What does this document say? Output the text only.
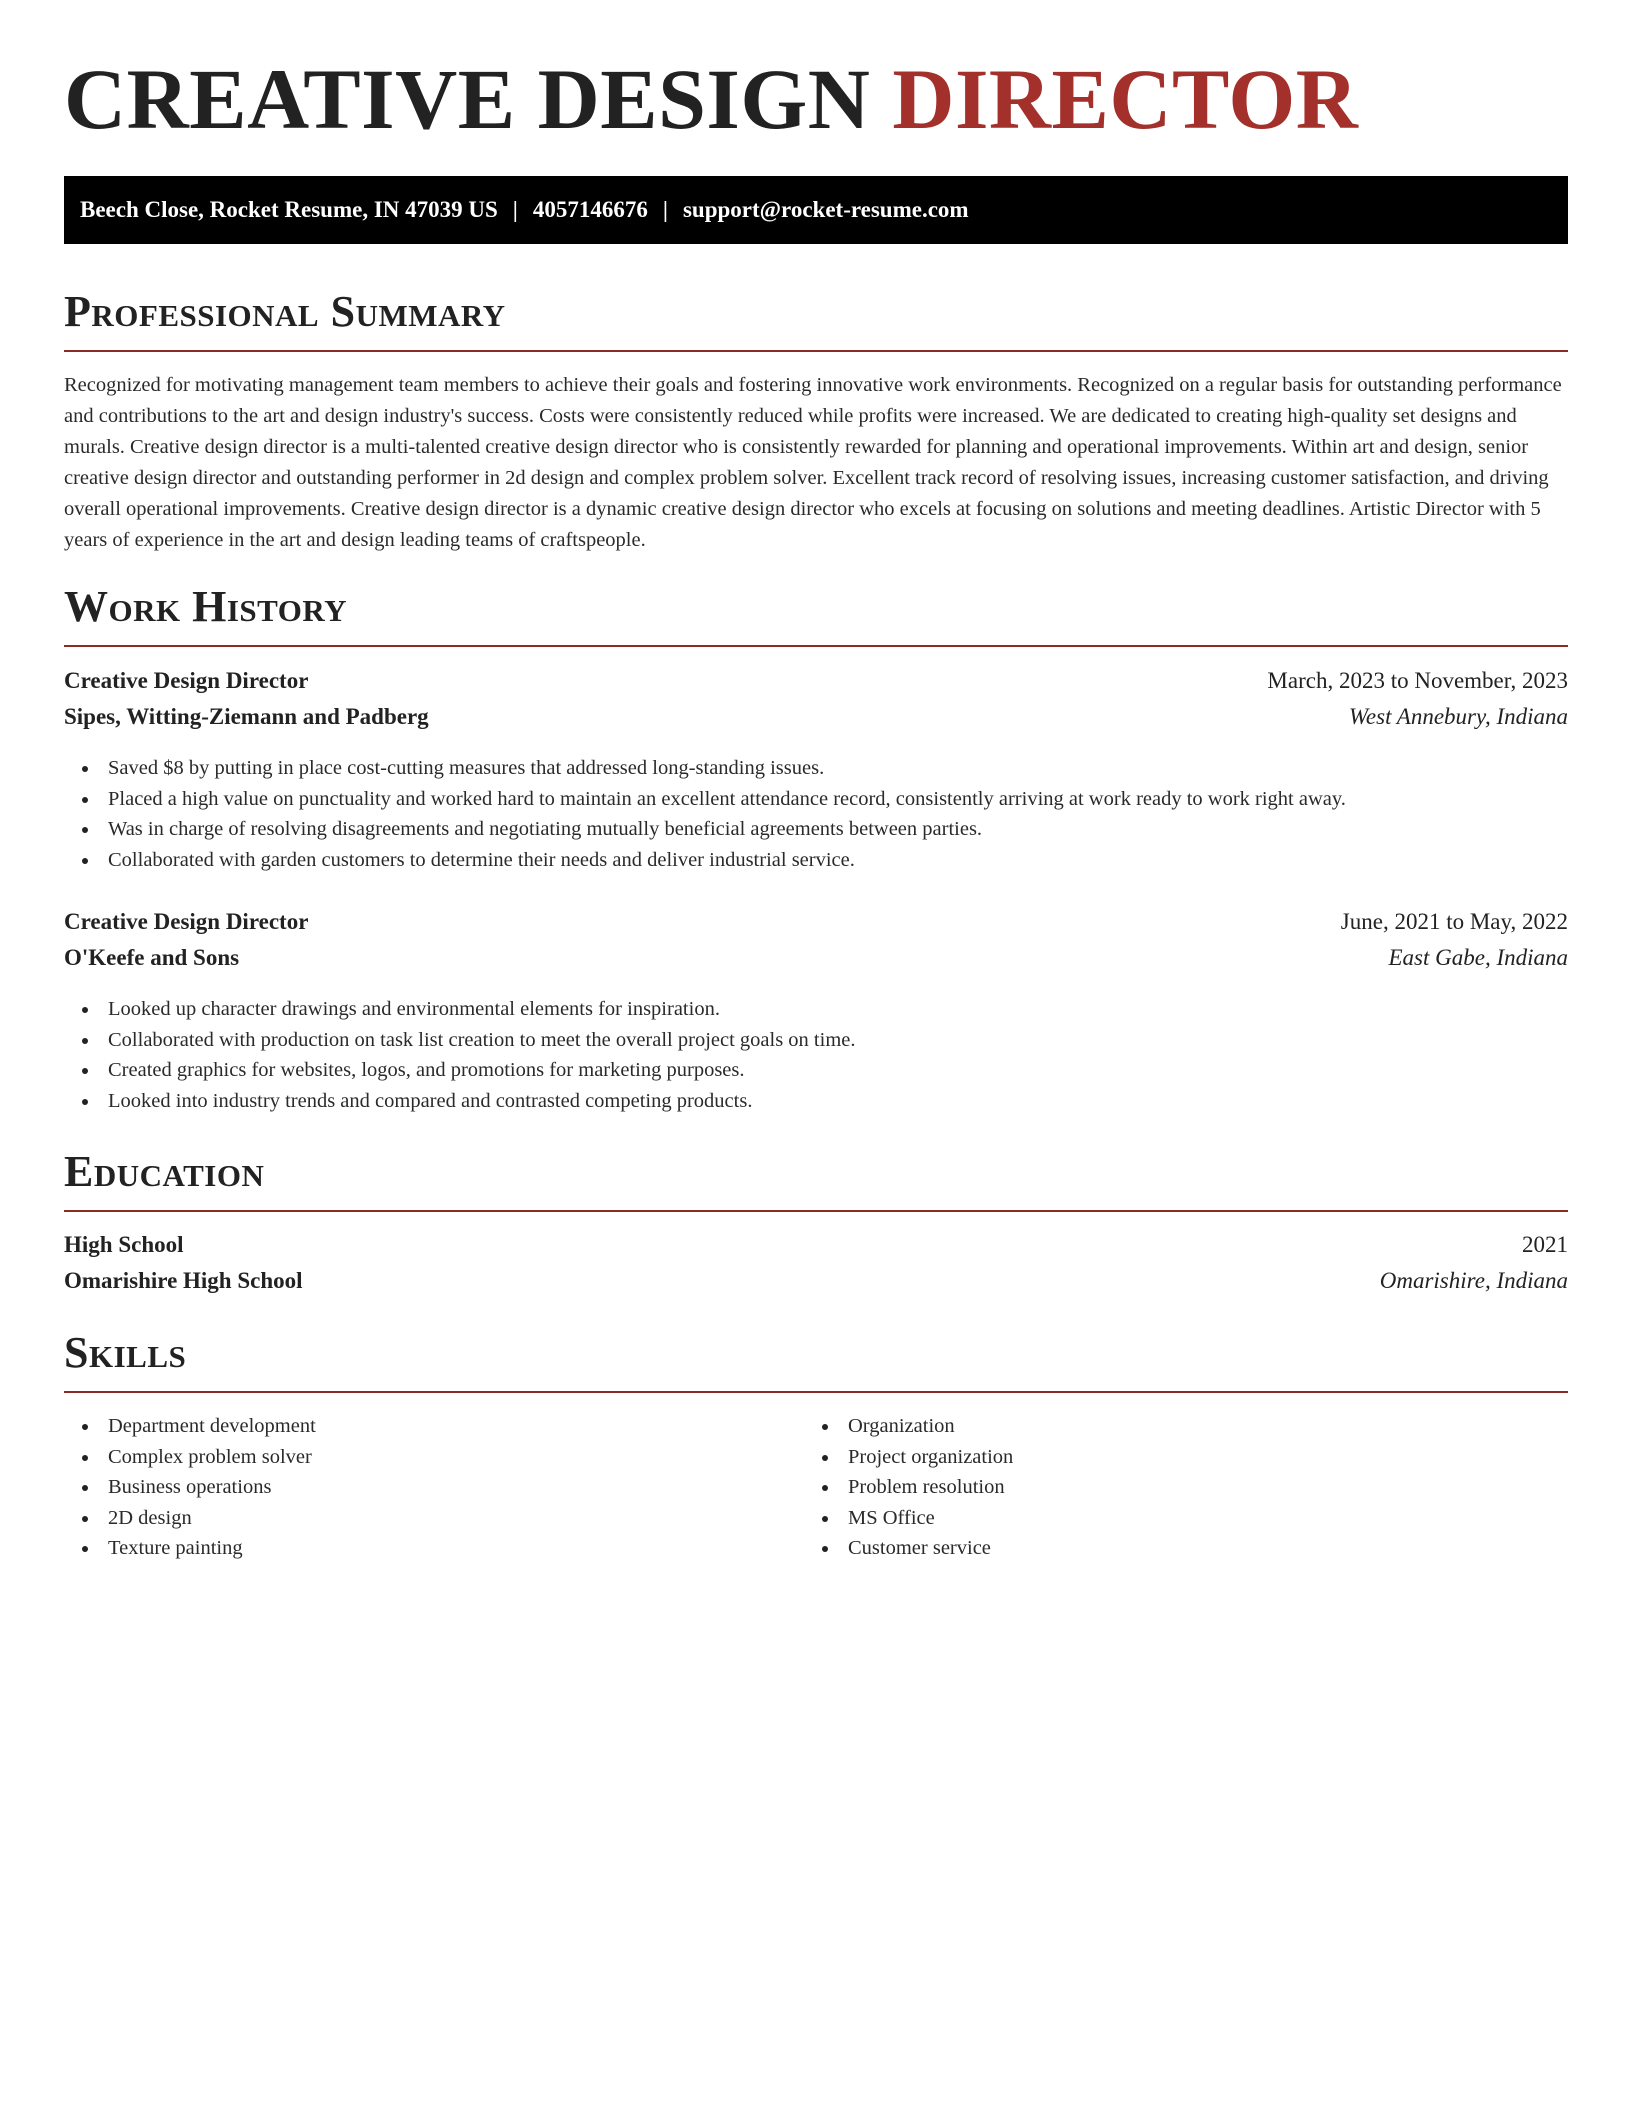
CREATIVE DESIGN DIRECTOR
Beech Close, Rocket Resume, IN 47039 US | 4057146676 | support@rocket-resume.com
Professional Summary

Recognized for motivating management team members to achieve their goals and fostering innovative work environments. Recognized on a regular basis for outstanding performance and contributions to the art and design industry's success. Costs were consistently reduced while profits were increased. We are dedicated to creating high-quality set designs and murals. Creative design director is a multi-talented creative design director who is consistently rewarded for planning and operational improvements. Within art and design, senior creative design director and outstanding performer in 2d design and complex problem solver. Excellent track record of resolving issues, increasing customer satisfaction, and driving overall operational improvements. Creative design director is a dynamic creative design director who excels at focusing on solutions and meeting deadlines. Artistic Director with 5 years of experience in the art and design leading teams of craftspeople.

Work History
Creative Design Director	March, 2023 to November, 2023
Sipes, Witting-Ziemann and Padberg	West Annebury, Indiana
Saved $8 by putting in place cost-cutting measures that addressed long-standing issues.
Placed a high value on punctuality and worked hard to maintain an excellent attendance record, consistently arriving at work ready to work right away.
Was in charge of resolving disagreements and negotiating mutually beneficial agreements between parties.
Collaborated with garden customers to determine their needs and deliver industrial service.
Creative Design Director	June, 2021 to May, 2022
O'Keefe and Sons	East Gabe, Indiana
Looked up character drawings and environmental elements for inspiration.
Collaborated with production on task list creation to meet the overall project goals on time.
Created graphics for websites, logos, and promotions for marketing purposes.
Looked into industry trends and compared and contrasted competing products.
Education
High School	2021
Omarishire High School	Omarishire, Indiana
Skills
Department development
Complex problem solver
Business operations
2D design
Texture painting
Organization
Project organization
Problem resolution
MS Office
Customer service
